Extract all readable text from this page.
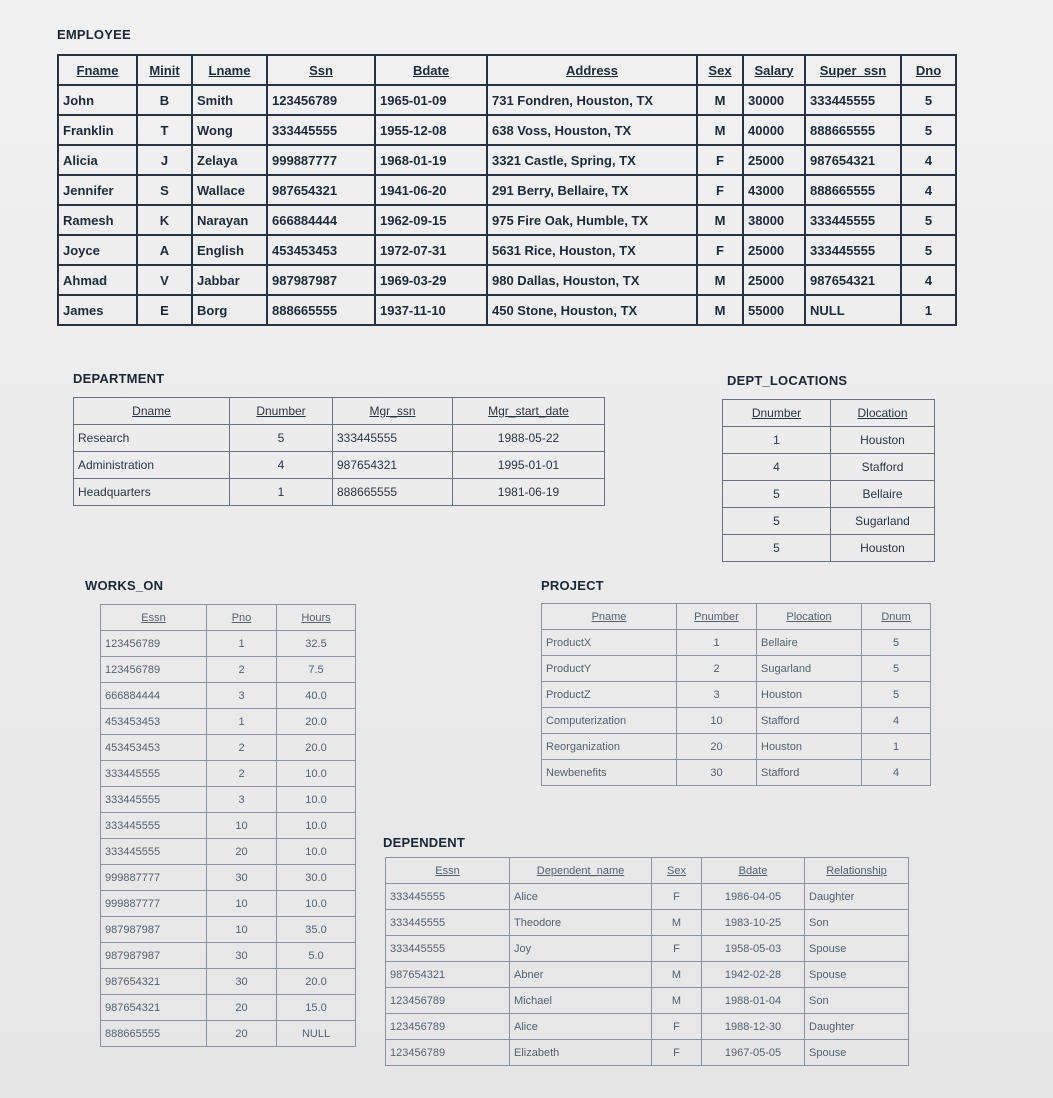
EMPLOYEE
Fname	Minit	Lname	Ssn	Bdate	Address	Sex	Salary	Super_ssn	Dno
John	B	Smith	123456789	1965-01-09	731 Fondren, Houston, TX	M	30000	333445555	5
Franklin	T	Wong	333445555	1955-12-08	638 Voss, Houston, TX	M	40000	888665555	5
Alicia	J	Zelaya	999887777	1968-01-19	3321 Castle, Spring, TX	F	25000	987654321	4
Jennifer	S	Wallace	987654321	1941-06-20	291 Berry, Bellaire, TX	F	43000	888665555	4
Ramesh	K	Narayan	666884444	1962-09-15	975 Fire Oak, Humble, TX	M	38000	333445555	5
Joyce	A	English	453453453	1972-07-31	5631 Rice, Houston, TX	F	25000	333445555	5
Ahmad	V	Jabbar	987987987	1969-03-29	980 Dallas, Houston, TX	M	25000	987654321	4
James	E	Borg	888665555	1937-11-10	450 Stone, Houston, TX	M	55000	NULL	1
DEPARTMENT
Dname	Dnumber	Mgr_ssn	Mgr_start_date
Research	5	333445555	1988-05-22
Administration	4	987654321	1995-01-01
Headquarters	1	888665555	1981-06-19
DEPT_LOCATIONS
Dnumber	Dlocation
1	Houston
4	Stafford
5	Bellaire
5	Sugarland
5	Houston
WORKS_ON
Essn	Pno	Hours
123456789	1	32.5
123456789	2	7.5
666884444	3	40.0
453453453	1	20.0
453453453	2	20.0
333445555	2	10.0
333445555	3	10.0
333445555	10	10.0
333445555	20	10.0
999887777	30	30.0
999887777	10	10.0
987987987	10	35.0
987987987	30	5.0
987654321	30	20.0
987654321	20	15.0
888665555	20	NULL
PROJECT
Pname	Pnumber	Plocation	Dnum
ProductX	1	Bellaire	5
ProductY	2	Sugarland	5
ProductZ	3	Houston	5
Computerization	10	Stafford	4
Reorganization	20	Houston	1
Newbenefits	30	Stafford	4
DEPENDENT
Essn	Dependent_name	Sex	Bdate	Relationship
333445555	Alice	F	1986-04-05	Daughter
333445555	Theodore	M	1983-10-25	Son
333445555	Joy	F	1958-05-03	Spouse
987654321	Abner	M	1942-02-28	Spouse
123456789	Michael	M	1988-01-04	Son
123456789	Alice	F	1988-12-30	Daughter
123456789	Elizabeth	F	1967-05-05	Spouse
